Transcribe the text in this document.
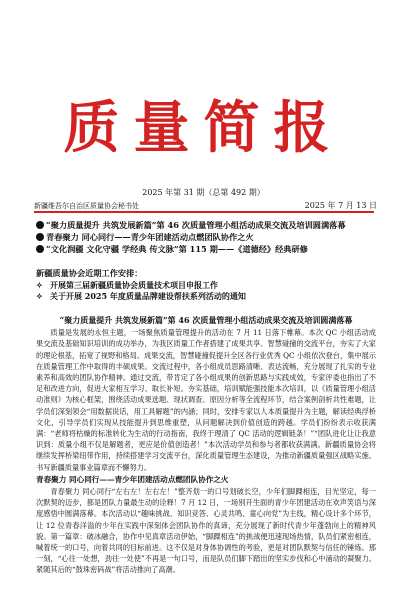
质量简报
2025 年第 31 期（总第 492 期）
新疆维吾尔自治区质量协会秘书处	2025 年 7 月 13 日
“聚力质量提升 共筑发展新篇”第 46 次质量管理小组活动成果交流及培训圆满落幕
青春聚力 同心同行——青少年团建活动点燃团队协作之火
“文化润疆 文化守疆 学经典 传文脉”第 115 期——《道德经》经典研修
新疆质量协会近期工作安排：
✧ 开展第三届新疆质量协会质量技术项目申报工作
✧ 关于开展 2025 年度质量品牌建设帮扶系列活动的通知
“聚力质量提升 共筑发展新篇”第 46 次质量管理小组活动成果交流及培训圆满落幕

质量是发展的永恒主题，一场聚焦质量管理提升的活动在 7 月 11 日落下帷幕。本次 QC 小组活动成果交流及基础知识培训的成功举办，为我区质量工作者搭建了成果共享、智慧碰撞的交流平台，夯实了大家的理论根基，拓宽了视野和格局。成果交流，智慧碰撞促提升全区各行业优秀 QC 小组依次登台，集中展示在质量管理工作中取得的丰硕成果。交流过程中，各小组成员思路清晰、表达流畅，充分展现了扎实的专业素养和高效的团队协作精神。通过交流，带肯定了各小组成果的创新思路与实践成效，专家评委也指出了不足和改进方向，促进大家相互学习、取长补短。夯实基础，培训赋能强技能本次培训，以《质量管理小组活动准则》为核心框架，围绕活动成果选题、现状调查、原因分析等全流程环节，结合案例剖析共性难题，让学员们深刻领会“用数据说话，用工具解题”的内涵；同时，安排专家以人本质量提升为主题，解读经典浮桥文化，引导学员们实现从技能提升到思维重塑，从问题解决到价值创造的跨越。学员们纷纷表示收获满满：“老师将枯燥的标准转化为生动的行动指南，我终于理清了 QC 活动的逻辑链条！”“团队进化让让我意识到：质量小组不仅是解题者，更应是价值创造者！”本次活动学员和参与者都收获满满。新疆质量协会将继续发挥桥梁纽带作用，持续搭建学习交流平台，深化质量管理生态建设，为推动新疆质量强区战略实施、书写新疆质量事业篇章而不懈努力。

青春聚力 同心同行——青少年团建活动点燃团队协作之火

青春聚力 同心同行“左右左！左右左！”整齐划一的口号划破长空，少年们脚踝相连，目光坚定，每一次默契的迈步，都是团队力量最生动的诠释！7 月 12 日，一场别开生面的青少年团建活动在欢声笑语与深度感悟中圆满落幕。本次活动以“趣味挑战、知识竞答、心灵共鸣、童心向党”为主线，精心设计多个环节，让 12 位青春洋溢的少年在实践中深刻体会团队协作的真谛，充分展现了新时代青少年蓬勃向上的精神风貌。第一篇章：破冰融合，协作中见真章活动伊始，“脚踝相连”的挑战便迅速现场热情，队员们紧密相连，喊着统一的口号，向着共同的目标前进。这不仅是对身体协调性的考验，更是对团队默契与信任的锤炼。那一刻，“心往一处想，劲往一处使”不再是一句口号，而是队员们脚下踏出的坚实步伐和心中涌动的凝聚力。紧随其后的“鼓珠密码战”将活动推向了高潮。
